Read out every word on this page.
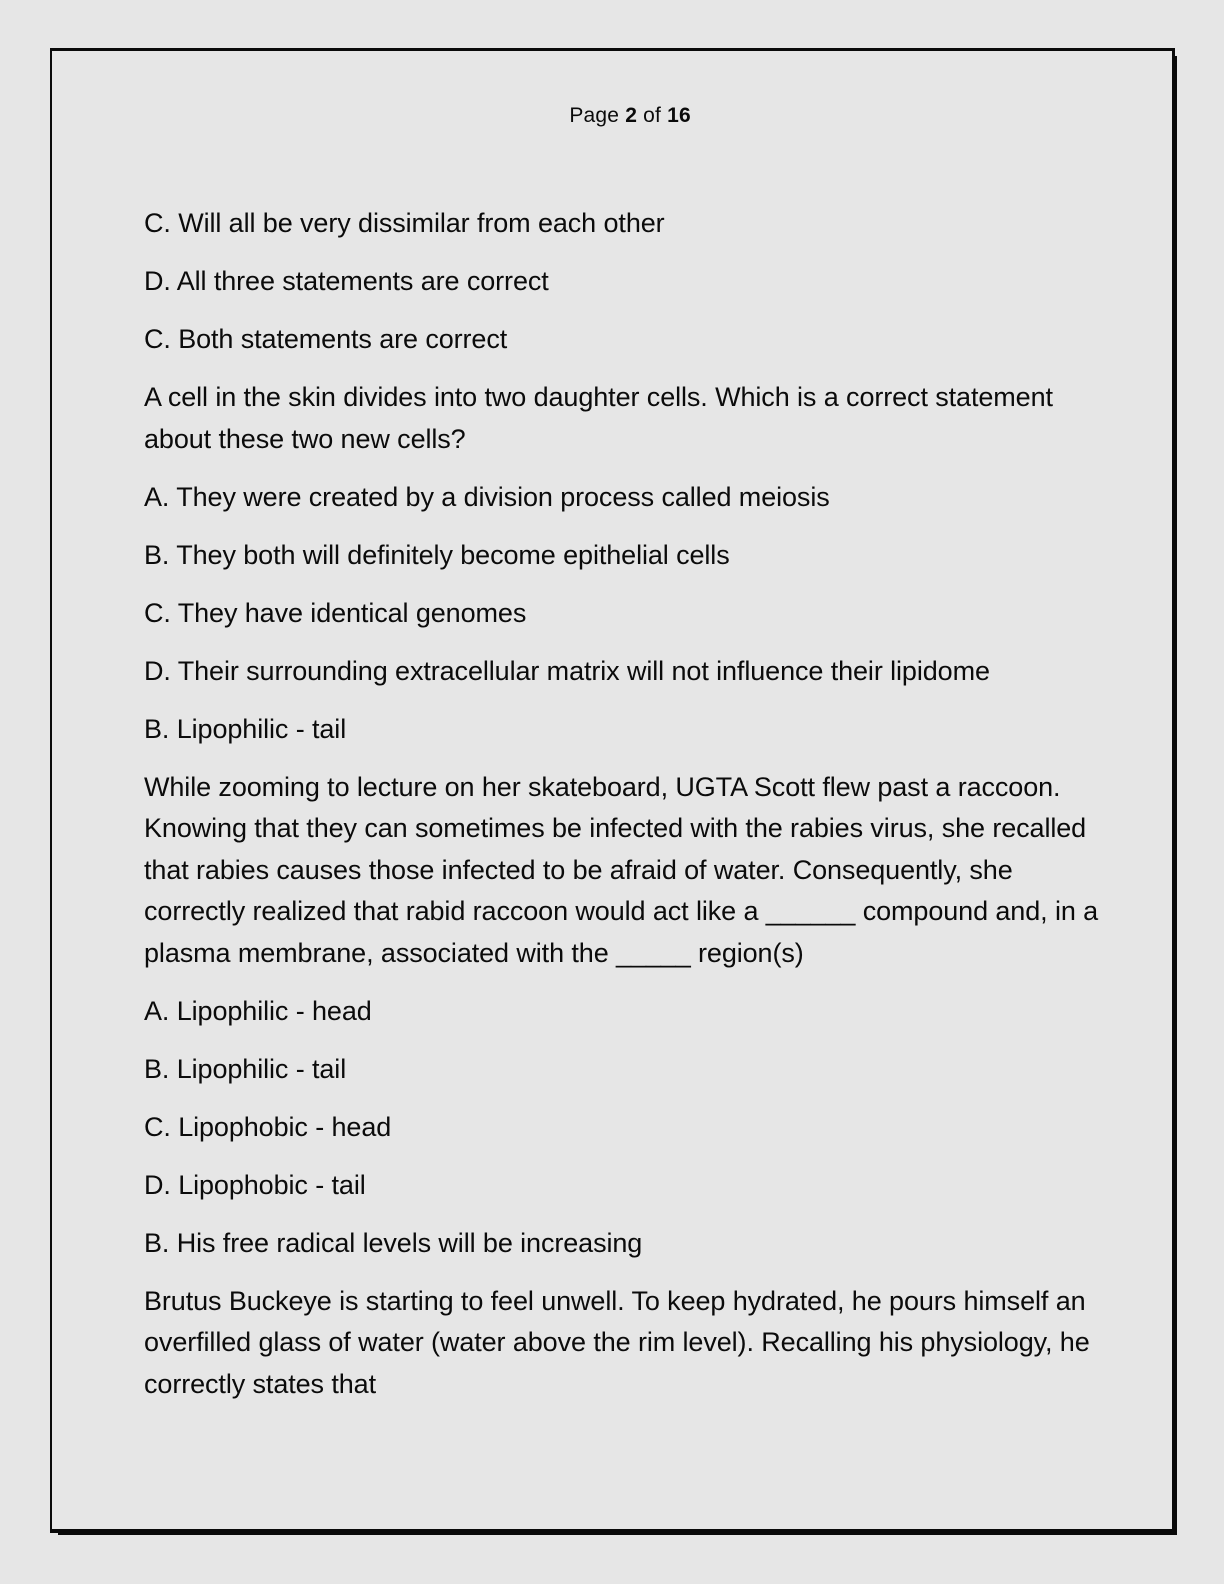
Page 2 of 16

C. Will all be very dissimilar from each other

D. All three statements are correct

C. Both statements are correct

A cell in the skin divides into two daughter cells. Which is a correct statement about these two new cells?

A. They were created by a division process called meiosis

B. They both will definitely become epithelial cells

C. They have identical genomes

D. Their surrounding extracellular matrix will not influence their lipidome

B. Lipophilic - tail

While zooming to lecture on her skateboard, UGTA Scott flew past a raccoon. Knowing that they can sometimes be infected with the rabies virus, she recalled that rabies causes those infected to be afraid of water. Consequently, she correctly realized that rabid raccoon would act like a ______ compound and, in a plasma membrane, associated with the _____ region(s)

A. Lipophilic - head

B. Lipophilic - tail

C. Lipophobic - head

D. Lipophobic - tail

B. His free radical levels will be increasing

Brutus Buckeye is starting to feel unwell. To keep hydrated, he pours himself an overfilled glass of water (water above the rim level). Recalling his physiology, he correctly states that
